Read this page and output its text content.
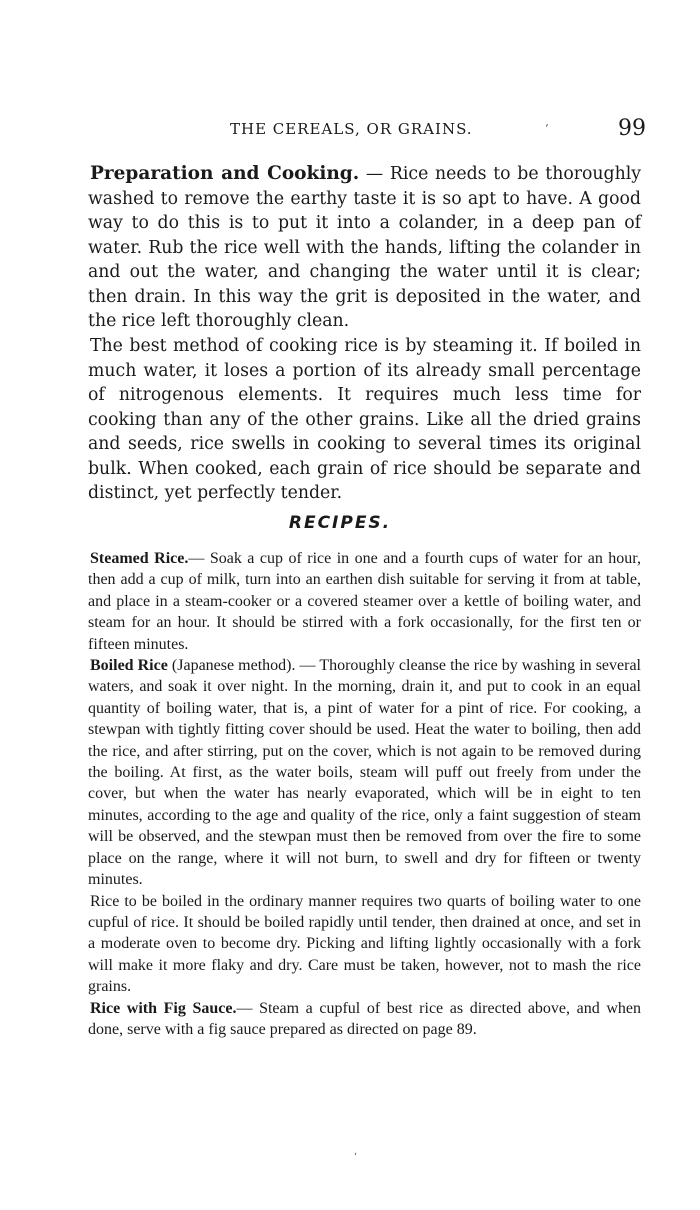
THE CEREALS, OR GRAINS.	99

Preparation and Cooking. — Rice needs to be thoroughly washed to remove the earthy taste it is so apt to have. A good way to do this is to put it into a colander, in a deep pan of water. Rub the rice well with the hands, lifting the colander in and out the water, and changing the water until it is clear; then drain. In this way the grit is deposited in the water, and the rice left thoroughly clean.

The best method of cooking rice is by steaming it. If boiled in much water, it loses a portion of its already small percentage of nitrogenous elements. It requires much less time for cooking than any of the other grains. Like all the dried grains and seeds, rice swells in cooking to several times its original bulk. When cooked, each grain of rice should be separate and distinct, yet perfectly tender.

RECIPES.

Steamed Rice.— Soak a cup of rice in one and a fourth cups of water for an hour, then add a cup of milk, turn into an earthen dish suitable for serving it from at table, and place in a steam-cooker or a covered steamer over a kettle of boiling water, and steam for an hour. It should be stirred with a fork occasionally, for the first ten or fifteen minutes.

Boiled Rice (Japanese method). — Thoroughly cleanse the rice by washing in several waters, and soak it over night. In the morning, drain it, and put to cook in an equal quantity of boiling water, that is, a pint of water for a pint of rice. For cooking, a stewpan with tightly fitting cover should be used. Heat the water to boiling, then add the rice, and after stirring, put on the cover, which is not again to be removed during the boiling. At first, as the water boils, steam will puff out freely from under the cover, but when the water has nearly evaporated, which will be in eight to ten minutes, according to the age and quality of the rice, only a faint suggestion of steam will be observed, and the stewpan must then be removed from over the fire to some place on the range, where it will not burn, to swell and dry for fifteen or twenty minutes.

Rice to be boiled in the ordinary manner requires two quarts of boiling water to one cupful of rice. It should be boiled rapidly until tender, then drained at once, and set in a moderate oven to become dry. Picking and lifting lightly occasionally with a fork will make it more flaky and dry. Care must be taken, however, not to mash the rice grains.

Rice with Fig Sauce.— Steam a cupful of best rice as directed above, and when done, serve with a fig sauce prepared as directed on page 89.

ʼ
ʻ
